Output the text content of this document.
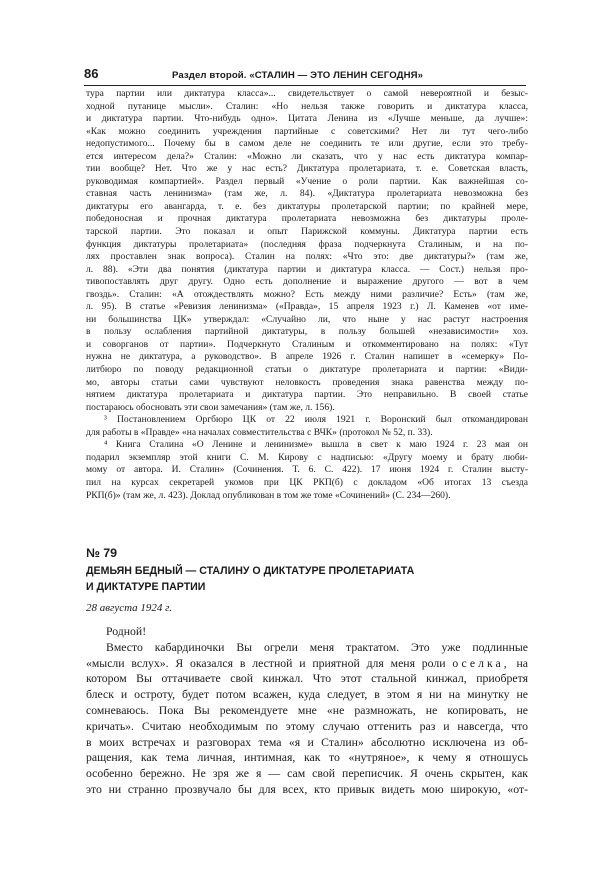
86	Раздел второй. «СТАЛИН — ЭТО ЛЕНИН СЕГОДНЯ»
тура партии или диктатура класса»... свидетельствует о самой невероятной и безыс-
ходной путанице мысли». Сталин: «Но нельзя также говорить и диктатура класса,
и диктатура партии. Что-нибудь одно». Цитата Ленина из «Лучше меньше, да лучше»:
«Как можно соединить учреждения партийные с советскими? Нет ли тут чего-либо
недопустимого... Почему бы в самом деле не соединить те или другие, если это требу-
ется интересом дела?» Сталин: «Можно ли сказать, что у нас есть диктатура компар-
тии вообще? Нет. Что же у нас есть? Диктатура пролетариата, т. е. Советская власть,
руководимая компартией». Раздел первый «Учение о роли партии. Как важнейшая со-
ставная часть ленинизма» (там же, л. 84). «Диктатура пролетариата невозможна без
диктатуры его авангарда, т. е. без диктатуры пролетарской партии; по крайней мере,
победоносная и прочная диктатура пролетариата невозможна без диктатуры проле-
тарской партии. Это показал и опыт Парижской коммуны. Диктатура партии есть
функция диктатуры пролетариата» (последняя фраза подчеркнута Сталиным, и на по-
лях проставлен знак вопроса). Сталин на полях: «Что это: две диктатуры?» (там же,
л. 88). «Эти два понятия (диктатура партии и диктатура класса. — Сост.) нельзя про-
тивопоставлять друг другу. Одно есть дополнение и выражение другого — вот в чем
гвоздь». Сталин: «А отождествлять можно? Есть между ними различие? Есть» (там же,
л. 95). В статье «Ревизия ленинизма» («Правда», 15 апреля 1923 г.) Л. Каменев «от име-
ни большинства ЦК» утверждал: «Случайно ли, что ныне у нас растут настроения
в пользу ослабления партийной диктатуры, в пользу большей «независимости» хоз.
и соворганов от партии». Подчеркнуто Сталиным и откомментировано на полях: «Тут
нужна не диктатура, а руководство». В апреле 1926 г. Сталин напишет в «семерку» По-
литбюро по поводу редакционной статьи о диктатуре пролетариата и партии: «Види-
мо, авторы статьи сами чувствуют неловкость проведения знака равенства между по-
нятием диктатура пролетариата и диктатура партии. Это неправильно. В своей статье
постараюсь обосновать эти свои замечания» (там же, л. 156).
³ Постановлением Оргбюро ЦК от 22 июля 1921 г. Воронский был откомандирован
для работы в «Правде» «на началах совместительства с ВЧК» (протокол № 52, п. 33).
⁴ Книга Сталина «О Ленине и ленинизме» вышла в свет к маю 1924 г. 23 мая он
подарил экземпляр этой книги С. М. Кирову с надписью: «Другу моему и брату люби-
мому от автора. И. Сталин» (Сочинения. Т. 6. С. 422). 17 июня 1924 г. Сталин высту-
пил на курсах секретарей укомов при ЦК РКП(б) с докладом «Об итогах 13 съезда
РКП(б)» (там же, л. 423). Доклад опубликован в том же томе «Сочинений» (С. 234—260).
№ 79
ДЕМЬЯН БЕДНЫЙ — СТАЛИНУ О ДИКТАТУРЕ ПРОЛЕТАРИАТА
И ДИКТАТУРЕ ПАРТИИ
28 августа 1924 г.
Родной!
Вместо кабардиночки Вы огрели меня трактатом. Это уже подлинные
«мысли вслух». Я оказался в лестной и приятной для меня роли оселка, на
котором Вы оттачиваете свой кинжал. Что этот стальной кинжал, приобретя
блеск и остроту, будет потом всажен, куда следует, в этом я ни на минутку не
сомневаюсь. Пока Вы рекомендуете мне «не размножать, не копировать, не
кричать». Считаю необходимым по этому случаю оттенить раз и навсегда, что
в моих встречах и разговорах тема «я и Сталин» абсолютно исключена из об-
ращения, как тема личная, интимная, как то «нутряное», к чему я отношусь
особенно бережно. Не зря же я — сам свой переписчик. Я очень скрытен, как
это ни странно прозвучало бы для всех, кто привык видеть мою широкую, «от-
